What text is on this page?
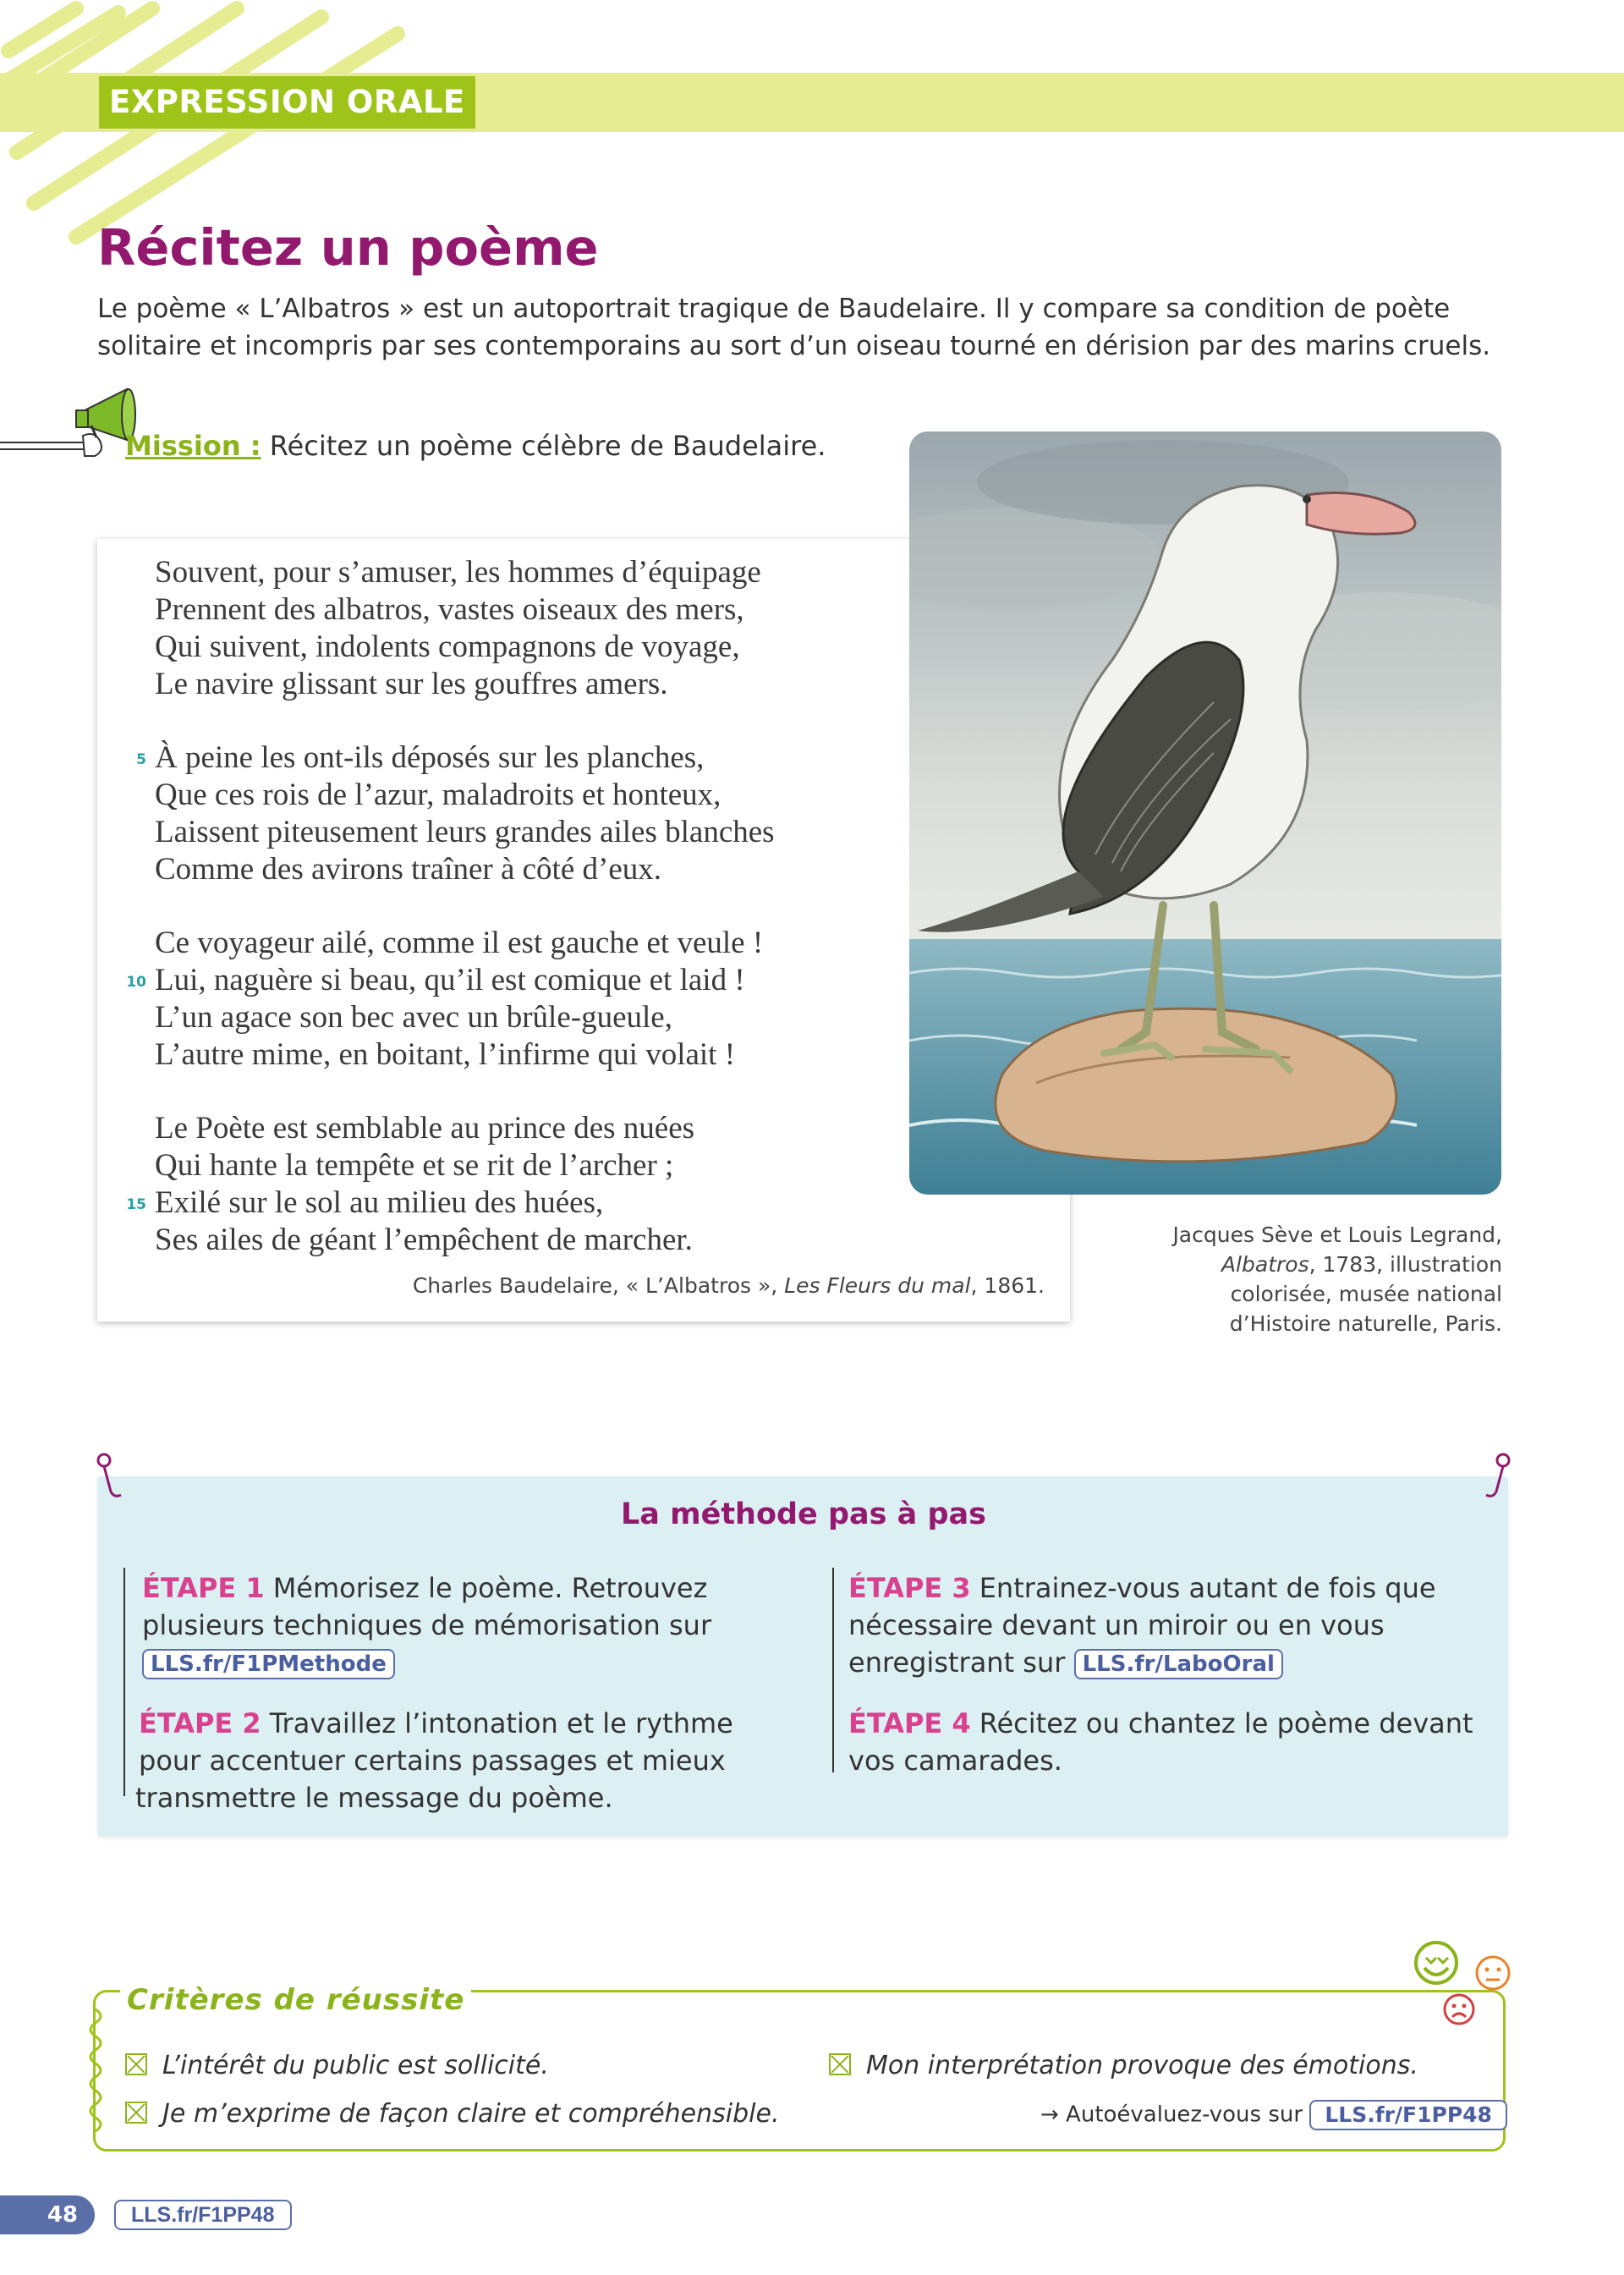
EXPRESSION ORALE
Récitez un poème

Le poème « L’Albatros » est un autoportrait tragique de Baudelaire. Il y compare sa condition de poète solitaire et incompris par ses contemporains au sort d’un oiseau tourné en dérision par des marins cruels.

Mission : Récitez un poème célèbre de Baudelaire.
Souvent, pour s’amuser, les hommes d’équipage
Prennent des albatros, vastes oiseaux des mers,
Qui suivent, indolents compagnons de voyage,
Le navire glissant sur les gouffres amers.
5 À peine les ont-ils déposés sur les planches,
Que ces rois de l’azur, maladroits et honteux,
Laissent piteusement leurs grandes ailes blanches
Comme des avirons traîner à côté d’eux.
Ce voyageur ailé, comme il est gauche et veule !
10 Lui, naguère si beau, qu’il est comique et laid !
L’un agace son bec avec un brûle-gueule,
L’autre mime, en boitant, l’infirme qui volait !
Le Poète est semblable au prince des nuées
Qui hante la tempête et se rit de l’archer ;
15 Exilé sur le sol au milieu des huées,
Ses ailes de géant l’empêchent de marcher.
Charles Baudelaire, « L’Albatros », Les Fleurs du mal, 1861.
Jacques Sève et Louis Legrand,
Albatros, 1783, illustration
colorisée, musée national
d’Histoire naturelle, Paris.
La méthode pas à pas
ÉTAPE 1 Mémorisez le poème. Retrouvez
plusieurs techniques de mémorisation sur
LLS.fr/F1PMethode
ÉTAPE 2 Travaillez l’intonation et le rythme
pour accentuer certains passages et mieux
transmettre le message du poème.
ÉTAPE 3 Entrainez-vous autant de fois que
nécessaire devant un miroir ou en vous
enregistrant sur LLS.fr/LaboOral
ÉTAPE 4 Récitez ou chantez le poème devant
vos camarades.
Critères de réussite
L’intérêt du public est sollicité.	Mon interprétation provoque des émotions.
Je m’exprime de façon claire et compréhensible.	→ Autoévaluez-vous sur LLS.fr/F1PP48
48	LLS.fr/F1PP48
